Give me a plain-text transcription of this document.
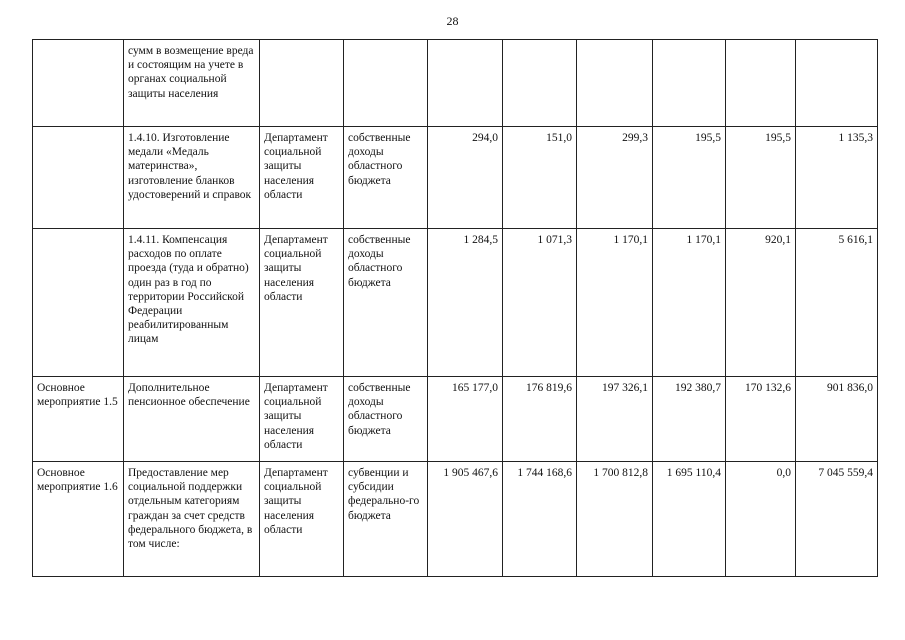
28
	сумм в возмещение вреда и состоящим на учете в органах социальной защиты населения								
	1.4.10. Изготовление медали «Медаль материнства», изготовление бланков удостоверений и справок	Департамент социальной защиты населения области	собственные доходы областного бюджета	294,0	151,0	299,3	195,5	195,5	1 135,3
	1.4.11. Компенсация расходов по оплате проезда (туда и обратно) один раз в год по территории Российской Федерации реабилитированным лицам	Департамент социальной защиты населения области	собственные доходы областного бюджета	1 284,5	1 071,3	1 170,1	1 170,1	920,1	5 616,1
Основное мероприятие 1.5	Дополнительное пенсионное обеспечение	Департамент социальной защиты населения области	собственные доходы областного бюджета	165 177,0	176 819,6	197 326,1	192 380,7	170 132,6	901 836,0
Основное мероприятие 1.6	Предоставление мер социальной поддержки отдельным категориям граждан за счет средств федерального бюджета, в том числе:	Департамент социальной защиты населения области	субвенции и субсидии федерально-го бюджета	1 905 467,6	1 744 168,6	1 700 812,8	1 695 110,4	0,0	7 045 559,4
